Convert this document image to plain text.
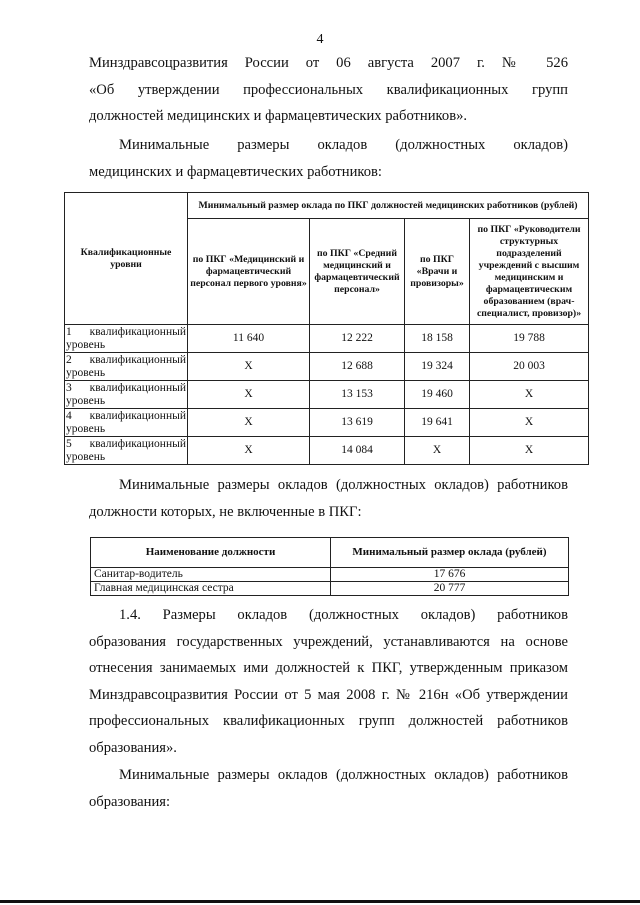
4

Минздравсоцразвития России от 06 августа 2007 г. № 526
«Об утверждении профессиональных квалификационных групп
должностей медицинских и фармацевтических работников».

Минимальные размеры окладов (должностных окладов)
медицинских и фармацевтических работников:

Квалификационные уровни	Минимальный размер оклада по ПКГ должностей медицинских работников (рублей)			
	по ПКГ «Медицинский и фармацевтический персонал первого уровня»	по ПКГ «Средний медицинский и фармацевтический персонал»	по ПКГ «Врачи и провизоры»	по ПКГ «Руководители структурных подразделений учреждений с высшим медицинским и фармацевтическим образованием (врач-специалист, провизор)»
1 квалификационный уровень	11 640	12 222	18 158	19 788
2 квалификационный уровень	Х	12 688	19 324	20 003
3 квалификационный уровень	Х	13 153	19 460	Х
4 квалификационный уровень	Х	13 619	19 641	Х
5 квалификационный уровень	Х	14 084	Х	Х

Минимальные размеры окладов (должностных окладов) работников
должности которых, не включенные в ПКГ:

Наименование должности	Минимальный размер оклада (рублей)
Санитар-водитель	17 676
Главная медицинская сестра	20 777

1.4. Размеры окладов (должностных окладов) работников
образования государственных учреждений, устанавливаются на основе
отнесения занимаемых ими должностей к ПКГ, утвержденным приказом
Минздравсоцразвития России от 5 мая 2008 г. № 216н «Об утверждении
профессиональных квалификационных групп должностей работников
образования».

Минимальные размеры окладов (должностных окладов) работников
образования:
